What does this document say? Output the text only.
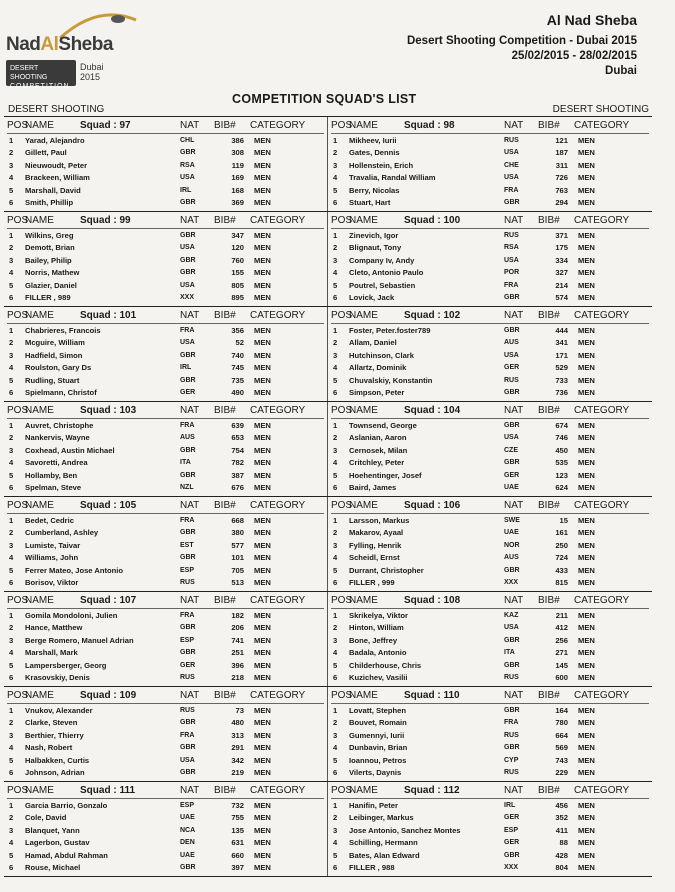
NadAlSheba
DESERT SHOOTING
COMPETITION
Dubai
2015
Al Nad Sheba
Desert Shooting Competition - Dubai 2015
25/02/2015 - 28/02/2015
Dubai
COMPETITION SQUAD'S LIST
DESERT SHOOTING	DESERT SHOOTING
POS
NAME	Squad : 97	NAT	BIB#	CATEGORY
1	Yarad, Alejandro	CHL	386	MEN
2	Gillett, Paul	GBR	308	MEN
3	Nieuwoudt, Peter	RSA	119	MEN
4	Brackeen, William	USA	169	MEN
5	Marshall, David	IRL	168	MEN
6	Smith, Phillip	GBR	369	MEN
POS
NAME	Squad : 98	NAT	BIB#	CATEGORY
1	Mikheev, Iurii	RUS	121	MEN
2	Gates, Dennis	USA	187	MEN
3	Hollenstein, Erich	CHE	311	MEN
4	Travalia, Randal William	USA	726	MEN
5	Berry, Nicolas	FRA	763	MEN
6	Stuart, Hart	GBR	294	MEN
POS
NAME	Squad : 99	NAT	BIB#	CATEGORY
1	Wilkins, Greg	GBR	347	MEN
2	Demott, Brian	USA	120	MEN
3	Bailey, Philip	GBR	760	MEN
4	Norris, Mathew	GBR	155	MEN
5	Glazier, Daniel	USA	805	MEN
6	FILLER , 989	XXX	895	MEN
POS
NAME	Squad : 100	NAT	BIB#	CATEGORY
1	Zinevich, Igor	RUS	371	MEN
2	Blignaut, Tony	RSA	175	MEN
3	Company Iv, Andy	USA	334	MEN
4	Cleto, Antonio Paulo	POR	327	MEN
5	Poutrel, Sebastien	FRA	214	MEN
6	Lovick, Jack	GBR	574	MEN
POS
NAME	Squad : 101	NAT	BIB#	CATEGORY
1	Chabrieres, Francois	FRA	356	MEN
2	Mcguire, William	USA	52	MEN
3	Hadfield, Simon	GBR	740	MEN
4	Roulston, Gary Ds	IRL	745	MEN
5	Rudling, Stuart	GBR	735	MEN
6	Spielmann, Christof	GER	490	MEN
POS
NAME	Squad : 102	NAT	BIB#	CATEGORY
1	Foster, Peter.foster789	GBR	444	MEN
2	Allam, Daniel	AUS	341	MEN
3	Hutchinson, Clark	USA	171	MEN
4	Allartz, Dominik	GER	529	MEN
5	Chuvalskiy, Konstantin	RUS	733	MEN
6	Simpson, Peter	GBR	736	MEN
POS
NAME	Squad : 103	NAT	BIB#	CATEGORY
1	Auvret, Christophe	FRA	639	MEN
2	Nankervis, Wayne	AUS	653	MEN
3	Coxhead, Austin Michael	GBR	754	MEN
4	Savoretti, Andrea	ITA	782	MEN
5	Hollamby, Ben	GBR	387	MEN
6	Spelman, Steve	NZL	676	MEN
POS
NAME	Squad : 104	NAT	BIB#	CATEGORY
1	Townsend, George	GBR	674	MEN
2	Aslanian, Aaron	USA	746	MEN
3	Cernosek, Milan	CZE	450	MEN
4	Critchley, Peter	GBR	535	MEN
5	Hoehentinger, Josef	GER	123	MEN
6	Baird, James	UAE	624	MEN
POS
NAME	Squad : 105	NAT	BIB#	CATEGORY
1	Bedet, Cedric	FRA	668	MEN
2	Cumberland, Ashley	GBR	380	MEN
3	Lumiste, Taivar	EST	577	MEN
4	Williams, John	GBR	101	MEN
5	Ferrer Mateo, Jose Antonio	ESP	705	MEN
6	Borisov, Viktor	RUS	513	MEN
POS
NAME	Squad : 106	NAT	BIB#	CATEGORY
1	Larsson, Markus	SWE	15	MEN
2	Makarov, Ayaal	UAE	161	MEN
3	Fylling, Henrik	NOR	250	MEN
4	Scheidl, Ernst	AUS	724	MEN
5	Durrant, Christopher	GBR	433	MEN
6	FILLER , 999	XXX	815	MEN
POS
NAME	Squad : 107	NAT	BIB#	CATEGORY
1	Gomila Mondoloni, Julien	FRA	182	MEN
2	Hance, Matthew	GBR	206	MEN
3	Berge Romero, Manuel Adrian	ESP	741	MEN
4	Marshall, Mark	GBR	251	MEN
5	Lampersberger, Georg	GER	396	MEN
6	Krasovskiy, Denis	RUS	218	MEN
POS
NAME	Squad : 108	NAT	BIB#	CATEGORY
1	Skrikelya, Viktor	KAZ	211	MEN
2	Hinton, William	USA	412	MEN
3	Bone, Jeffrey	GBR	256	MEN
4	Badala, Antonio	ITA	271	MEN
5	Childerhouse, Chris	GBR	145	MEN
6	Kuzichev, Vasilii	RUS	600	MEN
POS
NAME	Squad : 109	NAT	BIB#	CATEGORY
1	Vnukov, Alexander	RUS	73	MEN
2	Clarke, Steven	GBR	480	MEN
3	Berthier, Thierry	FRA	313	MEN
4	Nash, Robert	GBR	291	MEN
5	Halbakken, Curtis	USA	342	MEN
6	Johnson, Adrian	GBR	219	MEN
POS
NAME	Squad : 110	NAT	BIB#	CATEGORY
1	Lovatt, Stephen	GBR	164	MEN
2	Bouvet, Romain	FRA	780	MEN
3	Gumennyi, Iurii	RUS	664	MEN
4	Dunbavin, Brian	GBR	569	MEN
5	Ioannou, Petros	CYP	743	MEN
6	Vilerts, Daynis	RUS	229	MEN
POS
NAME	Squad : 111	NAT	BIB#	CATEGORY
1	Garcia Barrio, Gonzalo	ESP	732	MEN
2	Cole, David	UAE	755	MEN
3	Blanquet, Yann	NCA	135	MEN
4	Lagerbon, Gustav	DEN	631	MEN
5	Hamad, Abdul Rahman	UAE	660	MEN
6	Rouse, Michael	GBR	397	MEN
POS
NAME	Squad : 112	NAT	BIB#	CATEGORY
1	Hanifin, Peter	IRL	456	MEN
2	Leibinger, Markus	GER	352	MEN
3	Jose Antonio, Sanchez Montes	ESP	411	MEN
4	Schilling, Hermann	GER	88	MEN
5	Bates, Alan Edward	GBR	428	MEN
6	FILLER , 988	XXX	804	MEN
